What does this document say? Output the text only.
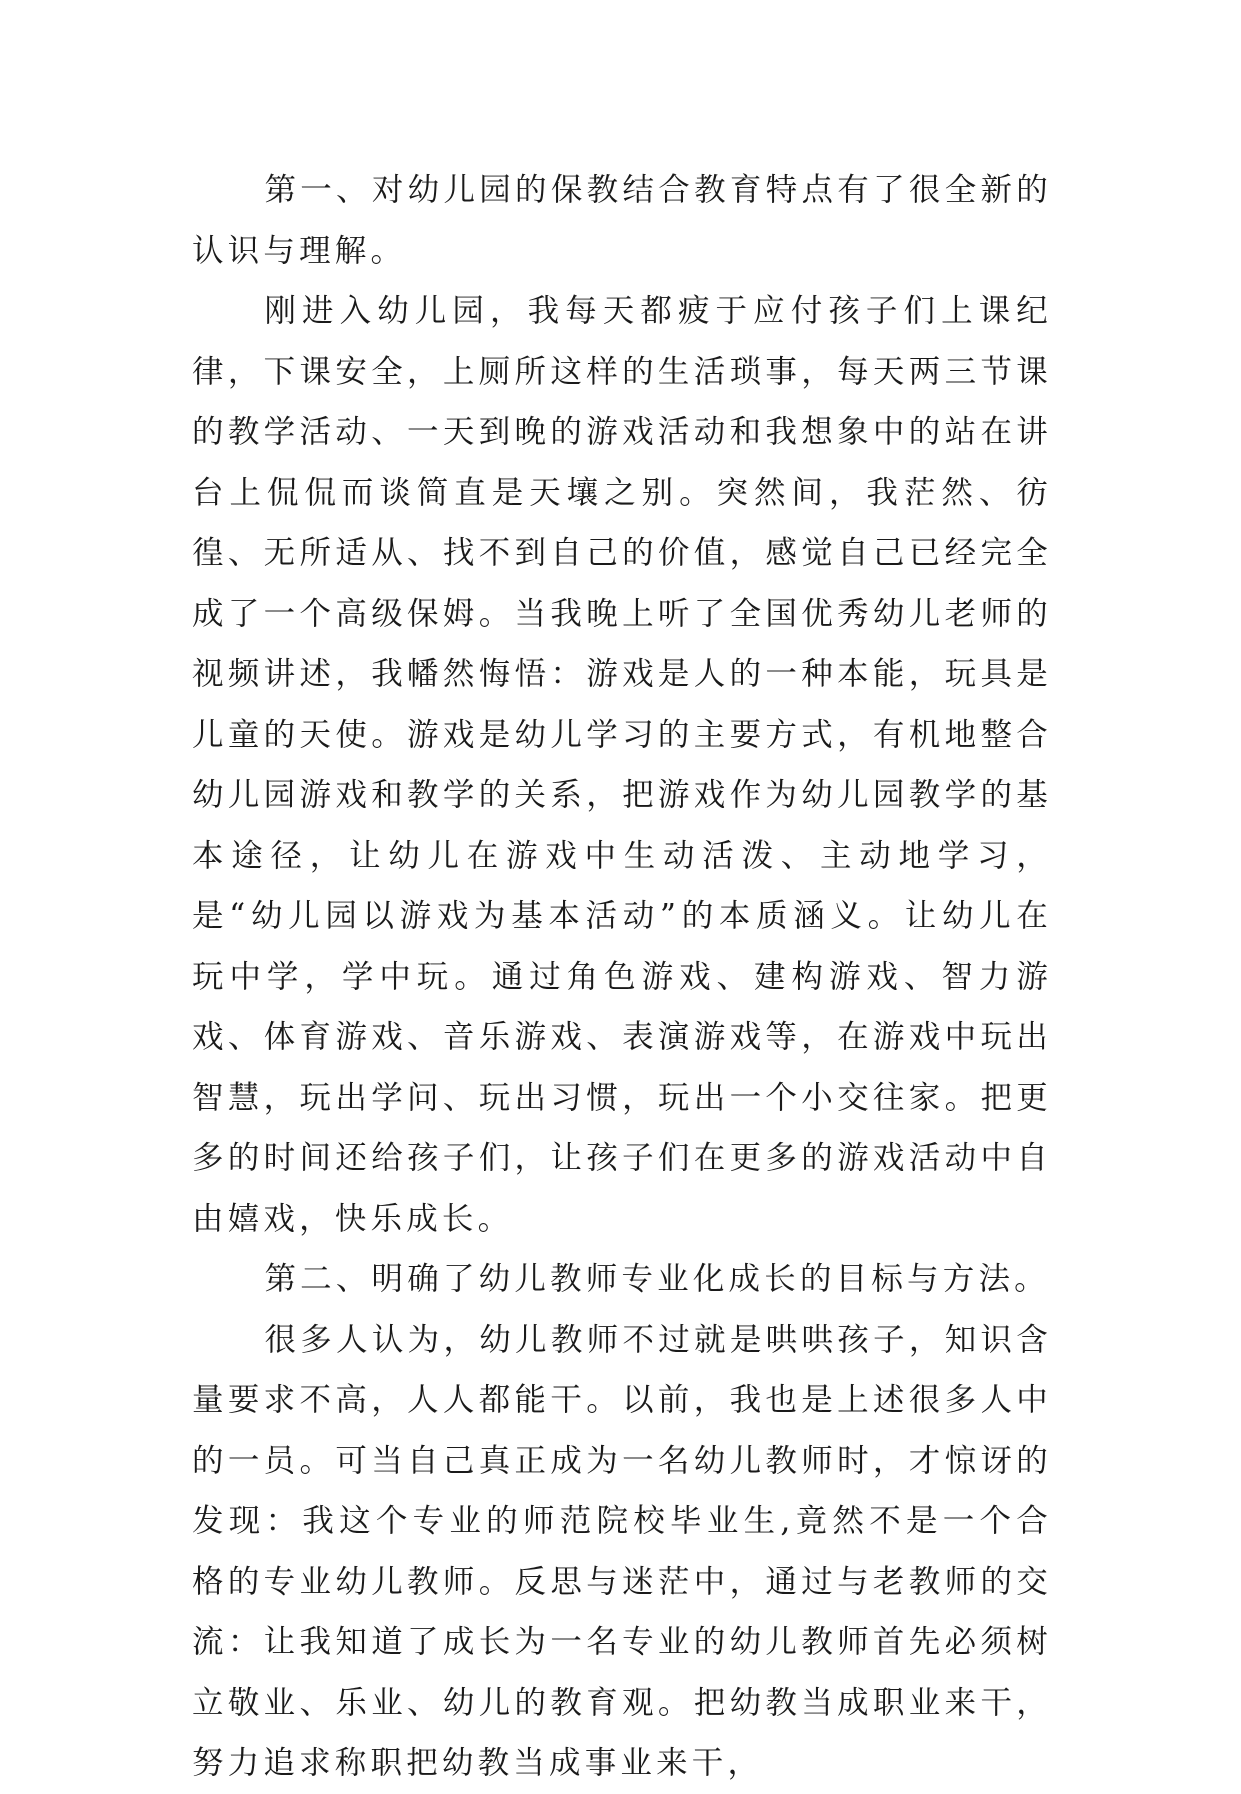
第一、对幼儿园的保教结合教育特点有了很全新的认识与理解。

刚进入幼儿园，我每天都疲于应付孩子们上课纪律，下课安全，上厕所这样的生活琐事，每天两三节课的教学活动、一天到晚的游戏活动和我想象中的站在讲台上侃侃而谈简直是天壤之别。突然间，我茫然、彷徨、无所适从、找不到自己的价值，感觉自己已经完全成了一个高级保姆。当我晚上听了全国优秀幼儿老师的视频讲述，我幡然悔悟：游戏是人的一种本能，玩具是儿童的天使。游戏是幼儿学习的主要方式，有机地整合幼儿园游戏和教学的关系，把游戏作为幼儿园教学的基本途径，让幼儿在游戏中生动活泼、主动地学习，是“幼儿园以游戏为基本活动”的本质涵义。让幼儿在玩中学，学中玩。通过角色游戏、建构游戏、智力游戏、体育游戏、音乐游戏、表演游戏等，在游戏中玩出智慧，玩出学问、玩出习惯，玩出一个小交往家。把更多的时间还给孩子们，让孩子们在更多的游戏活动中自由嬉戏，快乐成长。

第二、明确了幼儿教师专业化成长的目标与方法。

很多人认为，幼儿教师不过就是哄哄孩子，知识含量要求不高，人人都能干。以前，我也是上述很多人中的一员。可当自己真正成为一名幼儿教师时，才惊讶的发现：我这个专业的师范院校毕业生,竟然不是一个合格的专业幼儿教师。反思与迷茫中，通过与老教师的交流：让我知道了成长为一名专业的幼儿教师首先必须树立敬业、乐业、幼儿的教育观。把幼教当成职业来干，努力追求称职把幼教当成事业来干，
